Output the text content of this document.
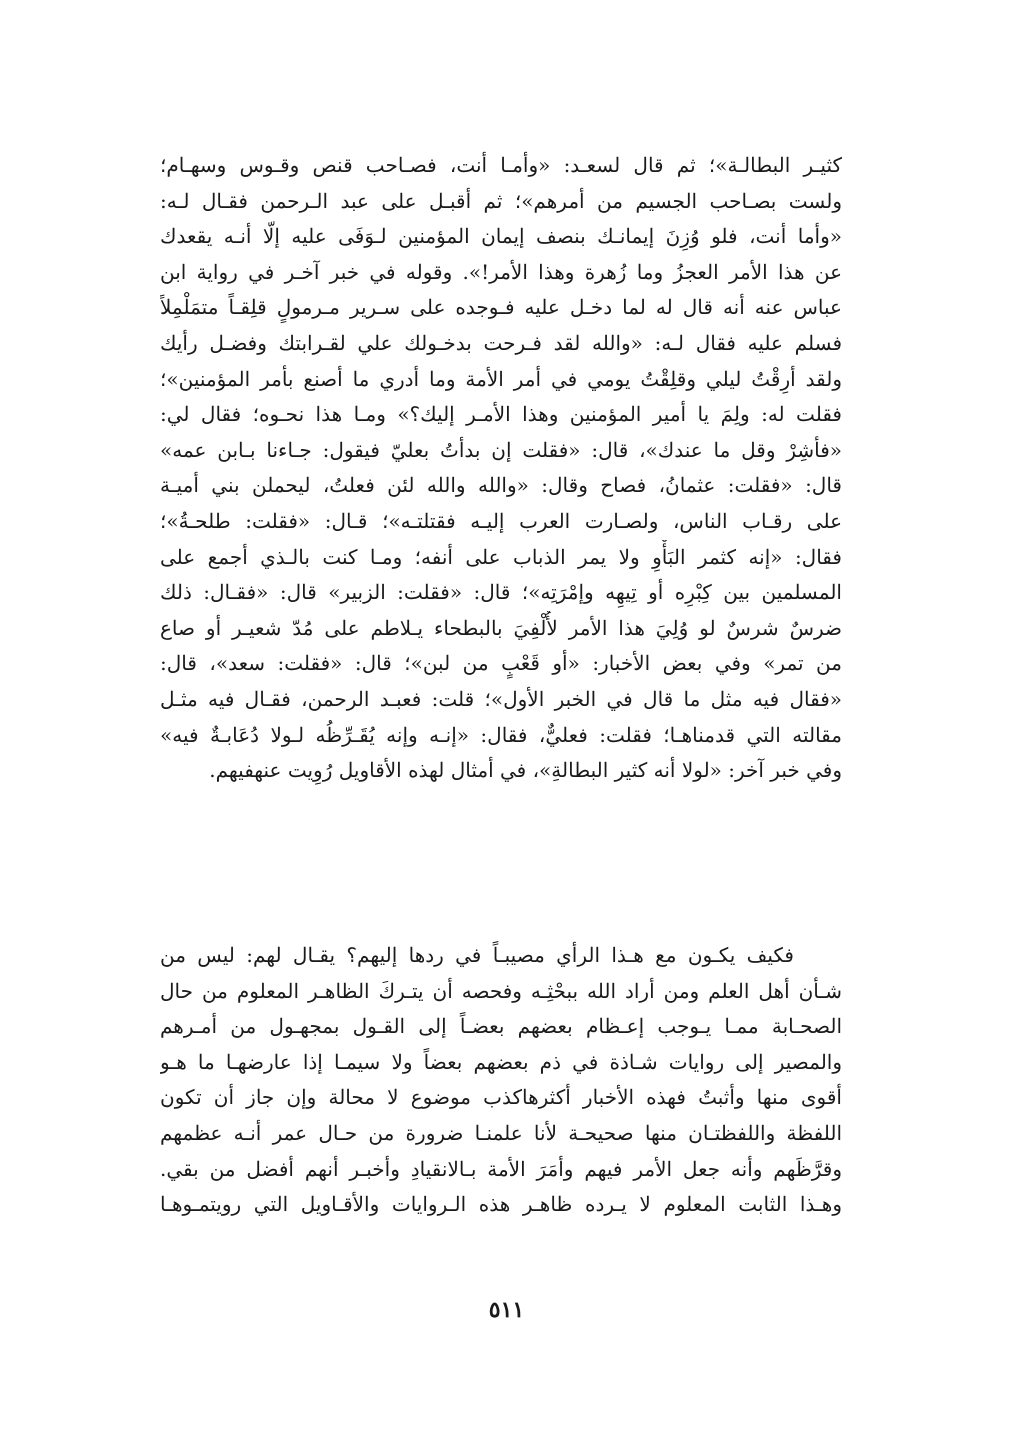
كثيـر البطالـة»؛ ثم قال لسعـد: «وأمـا أنت، فصـاحب قنص وقـوس وسهـام؛
ولست بصـاحب الجسيم من أمرهم»؛ ثم أقبـل على عبد الـرحمن فقـال لـه:
«وأما أنت، فلو وُزِنَ إيمانـك بنصف إيمان المؤمنين لـوَفَى عليه إلّا أنـه يقعدك
عن هذا الأمر العجزُ وما زُهرة وهذا الأمر!». وقوله في خبر آخـر في رواية ابن
عباس عنه أنه قال له لما دخـل عليه فـوجده على سـرير مـرمولٍ قلِقـاً متمَلْمِلاً
فسلم عليه فقال لـه: «والله لقد فـرحت بدخـولك علي لقـرابتك وفضـل رأيك
ولقد أرِقْتُ ليلي وقلِقْتُ يومي في أمر الأمة وما أدري ما أصنع بأمر المؤمنين»؛
فقلت له: ولِمَ يا أمير المؤمنين وهذا الأمـر إليك؟» ومـا هذا نحـوه؛ فقال لي:
«فأشِرْ وقل ما عندك»، قال: «فقلت إن بدأتُ بعليّ فيقول: جـاءنا بـابن عمه»
قال: «فقلت: عثمانُ، فصاح وقال: «والله والله لئن فعلتُ، ليحملن بني أميـة
على رقـاب الناس، ولصـارت العرب إليـه فقتلتـه»؛ قـال: «فقلت: طلحـةُ»؛
فقال: «إنه كثمر البَأْوِ ولا يمر الذباب على أنفه؛ ومـا كنت بالـذي أجمع على
المسلمين بين كِبْرِه أو تِيهِه وإمْرَتِه»؛ قال: «فقلت: الزبير» قال: «فقـال: ذلك
ضرسٌ شرسٌ لو وُلِيَ هذا الأمر لأُلْفِيَ بالبطحاء يـلاطم على مُدّ شعيـر أو صاع
من تمر» وفي بعض الأخبار: «أو قَعْبٍ من لبن»؛ قال: «فقلت: سعد»، قال:
«فقال فيه مثل ما قال في الخبر الأول»؛ قلت: فعبـد الرحمن، فقـال فيه مثـل
مقالته التي قدمناهـا؛ فقلت: فعليٌّ، فقال: «إنـه وإنه يُقَـرِّظُه لـولا دُعَابـةٌ فيه»
وفي خبر آخر: «لولا أنه كثير البطالةِ»، في أمثال لهذه الأقاويل رُوِيت عنهفيهم.
فكيف يكـون مع هـذا الرأي مصيبـاً في ردها إليهم؟ يقـال لهم: ليس من
شـأن أهل العلم ومن أراد الله ببحْثِـه وفحصه أن يتـركَ الظاهـر المعلوم من حال
الصحـابة ممـا يـوجب إعـظام بعضهم بعضـاً إلى القـول بمجهـول من أمـرهم
والمصير إلى روايات شـاذة في ذم بعضهم بعضاً ولا سيمـا إذا عارضهـا ما هـو
أقوى منها وأثبتُ فهذه الأخبار أكثرهاكذب موضوع لا محالة وإن جاز أن تكون
اللفظة واللفظتـان منها صحيحـة لأنا علمنـا ضرورة من حـال عمر أنـه عظمهم
وقرَّظَهم وأنه جعل الأمر فيهم وأمَرَ الأمة بـالانقيادِ وأخبـر أنهم أفضل من بقي.
وهـذا الثابت المعلوم لا يـرده ظاهـر هذه الـروايات والأقـاويل التي رويتمـوهـا
٥١١
